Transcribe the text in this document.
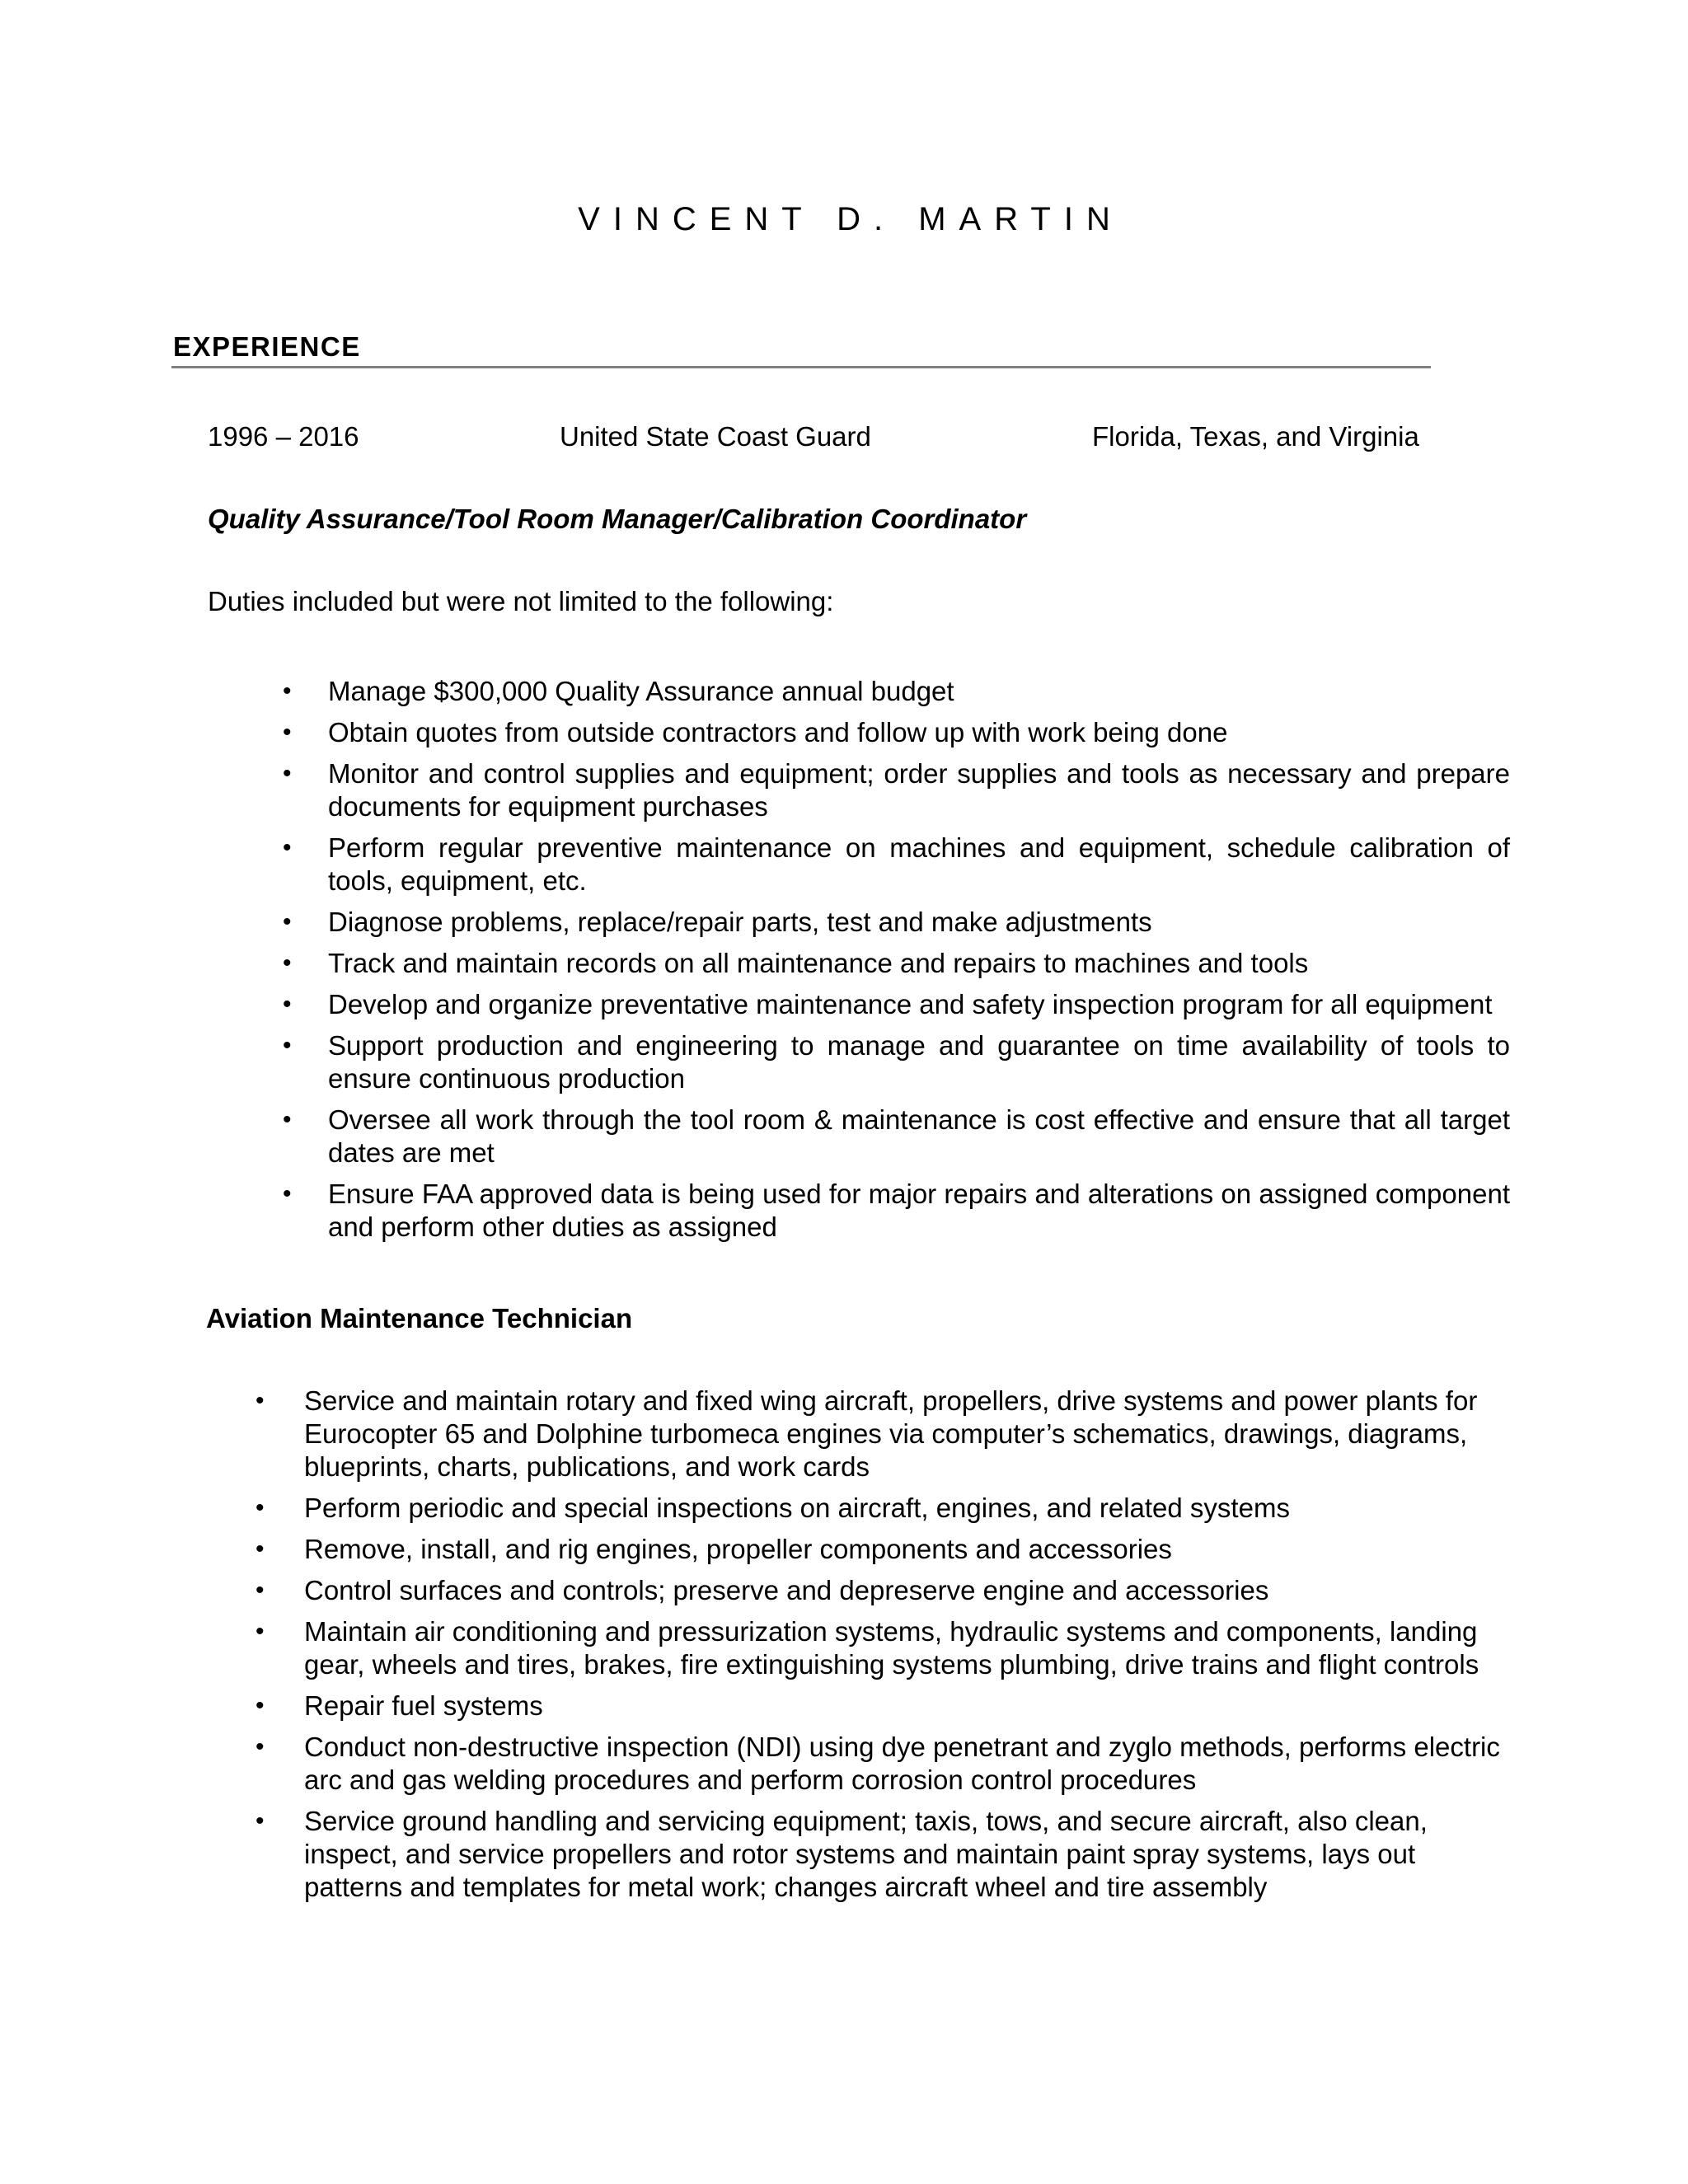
VINCENT D. MARTIN
EXPERIENCE
1996 – 2016	United State Coast Guard	Florida, Texas, and Virginia
Quality Assurance/Tool Room Manager/Calibration Coordinator
Duties included but were not limited to the following:
• Manage $300,000 Quality Assurance annual budget
• Obtain quotes from outside contractors and follow up with work being done
• Monitor and control supplies and equipment; order supplies and tools as necessary and prepare documents for equipment purchases
• Perform regular preventive maintenance on machines and equipment, schedule calibration of tools, equipment, etc.
• Diagnose problems, replace/repair parts, test and make adjustments
• Track and maintain records on all maintenance and repairs to machines and tools
• Develop and organize preventative maintenance and safety inspection program for all equipment
• Support production and engineering to manage and guarantee on time availability of tools to ensure continuous production
• Oversee all work through the tool room & maintenance is cost effective and ensure that all target dates are met
• Ensure FAA approved data is being used for major repairs and alterations on assigned component and perform other duties as assigned
Aviation Maintenance Technician
• Service and maintain rotary and fixed wing aircraft, propellers, drive systems and power plants for Eurocopter 65 and Dolphine turbomeca engines via computer’s schematics, drawings, diagrams, blueprints, charts, publications, and work cards
• Perform periodic and special inspections on aircraft, engines, and related systems
• Remove, install, and rig engines, propeller components and accessories
• Control surfaces and controls; preserve and depreserve engine and accessories
• Maintain air conditioning and pressurization systems, hydraulic systems and components, landing gear, wheels and tires, brakes, fire extinguishing systems plumbing, drive trains and flight controls
• Repair fuel systems
• Conduct non-destructive inspection (NDI) using dye penetrant and zyglo methods, performs electric arc and gas welding procedures and perform corrosion control procedures
• Service ground handling and servicing equipment; taxis, tows, and secure aircraft, also clean, inspect, and service propellers and rotor systems and maintain paint spray systems, lays out patterns and templates for metal work; changes aircraft wheel and tire assembly
